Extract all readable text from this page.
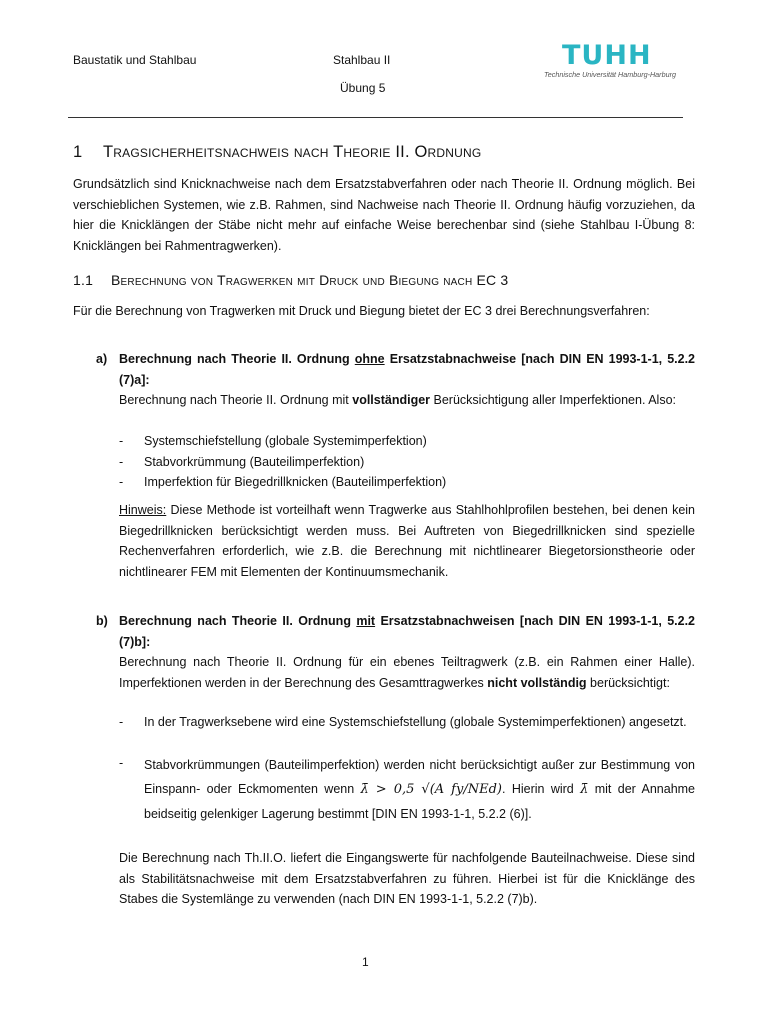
Baustatik und Stahlbau	Stahlbau II
Übung 5
TUHH
Technische Universität Hamburg-Harburg
1 Tragsicherheitsnachweis nach Theorie II. Ordnung
Grundsätzlich sind Knicknachweise nach dem Ersatzstabverfahren oder nach Theorie II. Ordnung möglich. Bei verschieblichen Systemen, wie z.B. Rahmen, sind Nachweise nach Theorie II. Ordnung häufig vorzuziehen, da hier die Knicklängen der Stäbe nicht mehr auf einfache Weise berechenbar sind (siehe Stahlbau I-Übung 8: Knicklängen bei Rahmentragwerken).
1.1 Berechnung von Tragwerken mit Druck und Biegung nach EC 3
Für die Berechnung von Tragwerken mit Druck und Biegung bietet der EC 3 drei Berechnungsverfahren:
a) Berechnung nach Theorie II. Ordnung ohne Ersatzstabnachweise [nach DIN EN 1993-1-1, 5.2.2 (7)a]:
Berechnung nach Theorie II. Ordnung mit vollständiger Berücksichtigung aller Imperfektionen. Also:
- Systemschiefstellung (globale Systemimperfektion)
- Stabvorkrümmung (Bauteilimperfektion)
- Imperfektion für Biegedrillknicken (Bauteilimperfektion)
Hinweis: Diese Methode ist vorteilhaft wenn Tragwerke aus Stahlhohlprofilen bestehen, bei denen kein Biegedrillknicken berücksichtigt werden muss. Bei Auftreten von Biegedrillknicken sind spezielle Rechenverfahren erforderlich, wie z.B. die Berechnung mit nichtlinearer Biegetorsionstheorie oder nichtlinearer FEM mit Elementen der Kontinuumsmechanik.
b) Berechnung nach Theorie II. Ordnung mit Ersatzstabnachweisen [nach DIN EN 1993-1-1, 5.2.2 (7)b]:
Berechnung nach Theorie II. Ordnung für ein ebenes Teiltragwerk (z.B. ein Rahmen einer Halle). Imperfektionen werden in der Berechnung des Gesamttragwerkes nicht vollständig berücksichtigt:
-	In der Tragwerksebene wird eine Systemschiefstellung (globale Systemimperfektionen) angesetzt.
-	Stabvorkrümmungen (Bauteilimperfektion) werden nicht berücksichtigt außer zur Bestimmung von Einspann- oder Eckmomenten wenn λ̄ > 0,5 √(A fy/NEd). Hierin wird λ̄ mit der Annahme beidseitig gelenkiger Lagerung bestimmt [DIN EN 1993-1-1, 5.2.2 (6)].
Die Berechnung nach Th.II.O. liefert die Eingangswerte für nachfolgende Bauteilnachweise. Diese sind als Stabilitätsnachweise mit dem Ersatzstabverfahren zu führen. Hierbei ist für die Knicklänge des Stabes die Systemlänge zu verwenden (nach DIN EN 1993-1-1, 5.2.2 (7)b).
1
